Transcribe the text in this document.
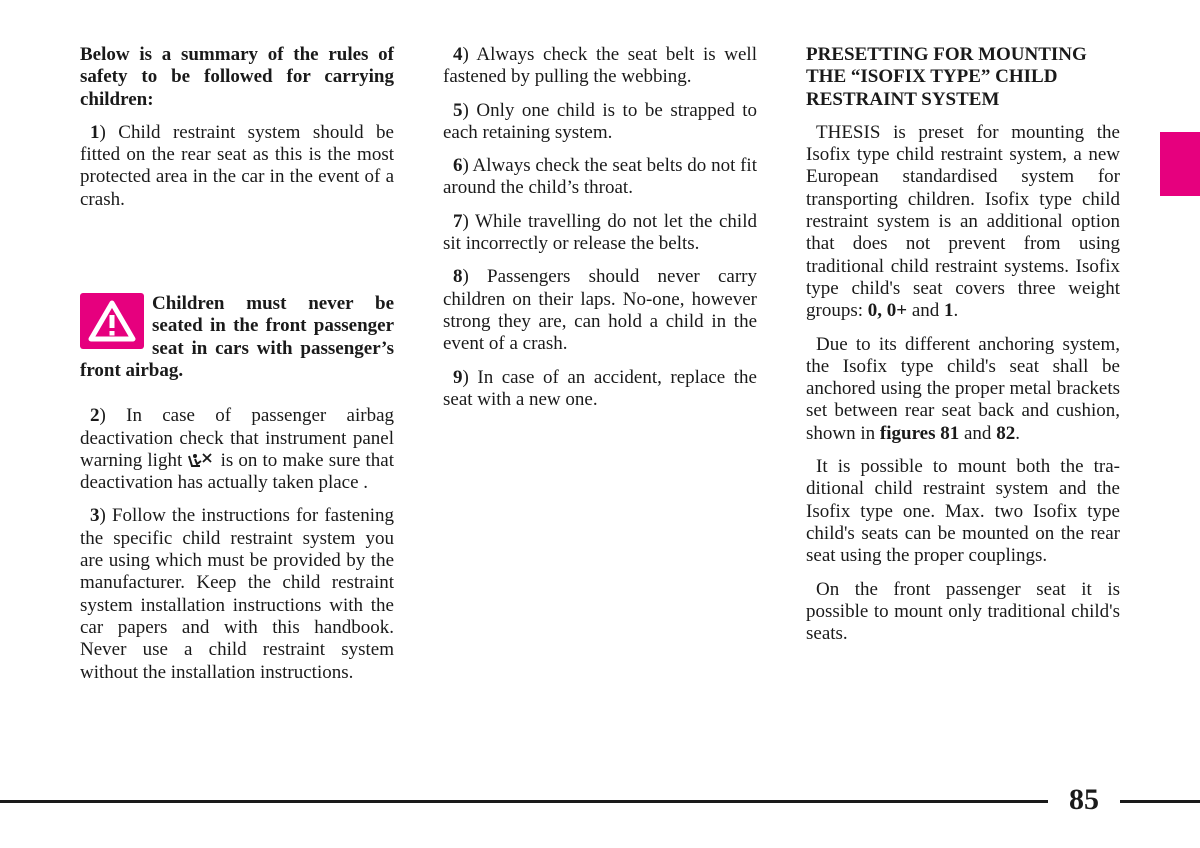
Below is a summary of the rules of safety to be followed for carrying children:

1) Child restraint system should be fitted on the rear seat as this is the most protected area in the car in the event of a crash.

Children must never be seated in the front passenger seat in cars with passenger’s front airbag.

2) In case of passenger airbag deactivation check that instrument panel warning light is on to make sure that deactivation has actually taken place .

3) Follow the instructions for fastening the specific child restraint system you are using which must be provided by the manufacturer. Keep the child restraint system installation instructions with the car papers and with this handbook. Never use a child restraint system without the installation instructions.

4) Always check the seat belt is well fastened by pulling the webbing.

5) Only one child is to be strapped to each retaining system.

6) Always check the seat belts do not fit around the child’s throat.

7) While travelling do not let the child sit incorrectly or release the belts.

8) Passengers should never carry children on their laps. No-one, however strong they are, can hold a child in the event of a crash.

9) In case of an accident, replace the seat with a new one.

PRESETTING FOR MOUNTING THE “ISOFIX TYPE” CHILD RESTRAINT SYSTEM

THESIS is preset for mounting the Isofix type child restraint system, a new European standardised system for transporting children. Isofix type child restraint system is an additional option that does not prevent from using traditional child restraint systems. Isofix type child's seat covers three weight groups: 0, 0+ and 1.

Due to its different anchoring system, the Isofix type child's seat shall be anchored using the proper metal brackets set between rear seat back and cushion, shown in figures 81 and 82.

It is possible to mount both the traditional child restraint system and the Isofix type one. Max. two Isofix type child's seats can be mounted on the rear seat using the proper couplings.

On the front passenger seat it is possible to mount only traditional child's seats.

85
